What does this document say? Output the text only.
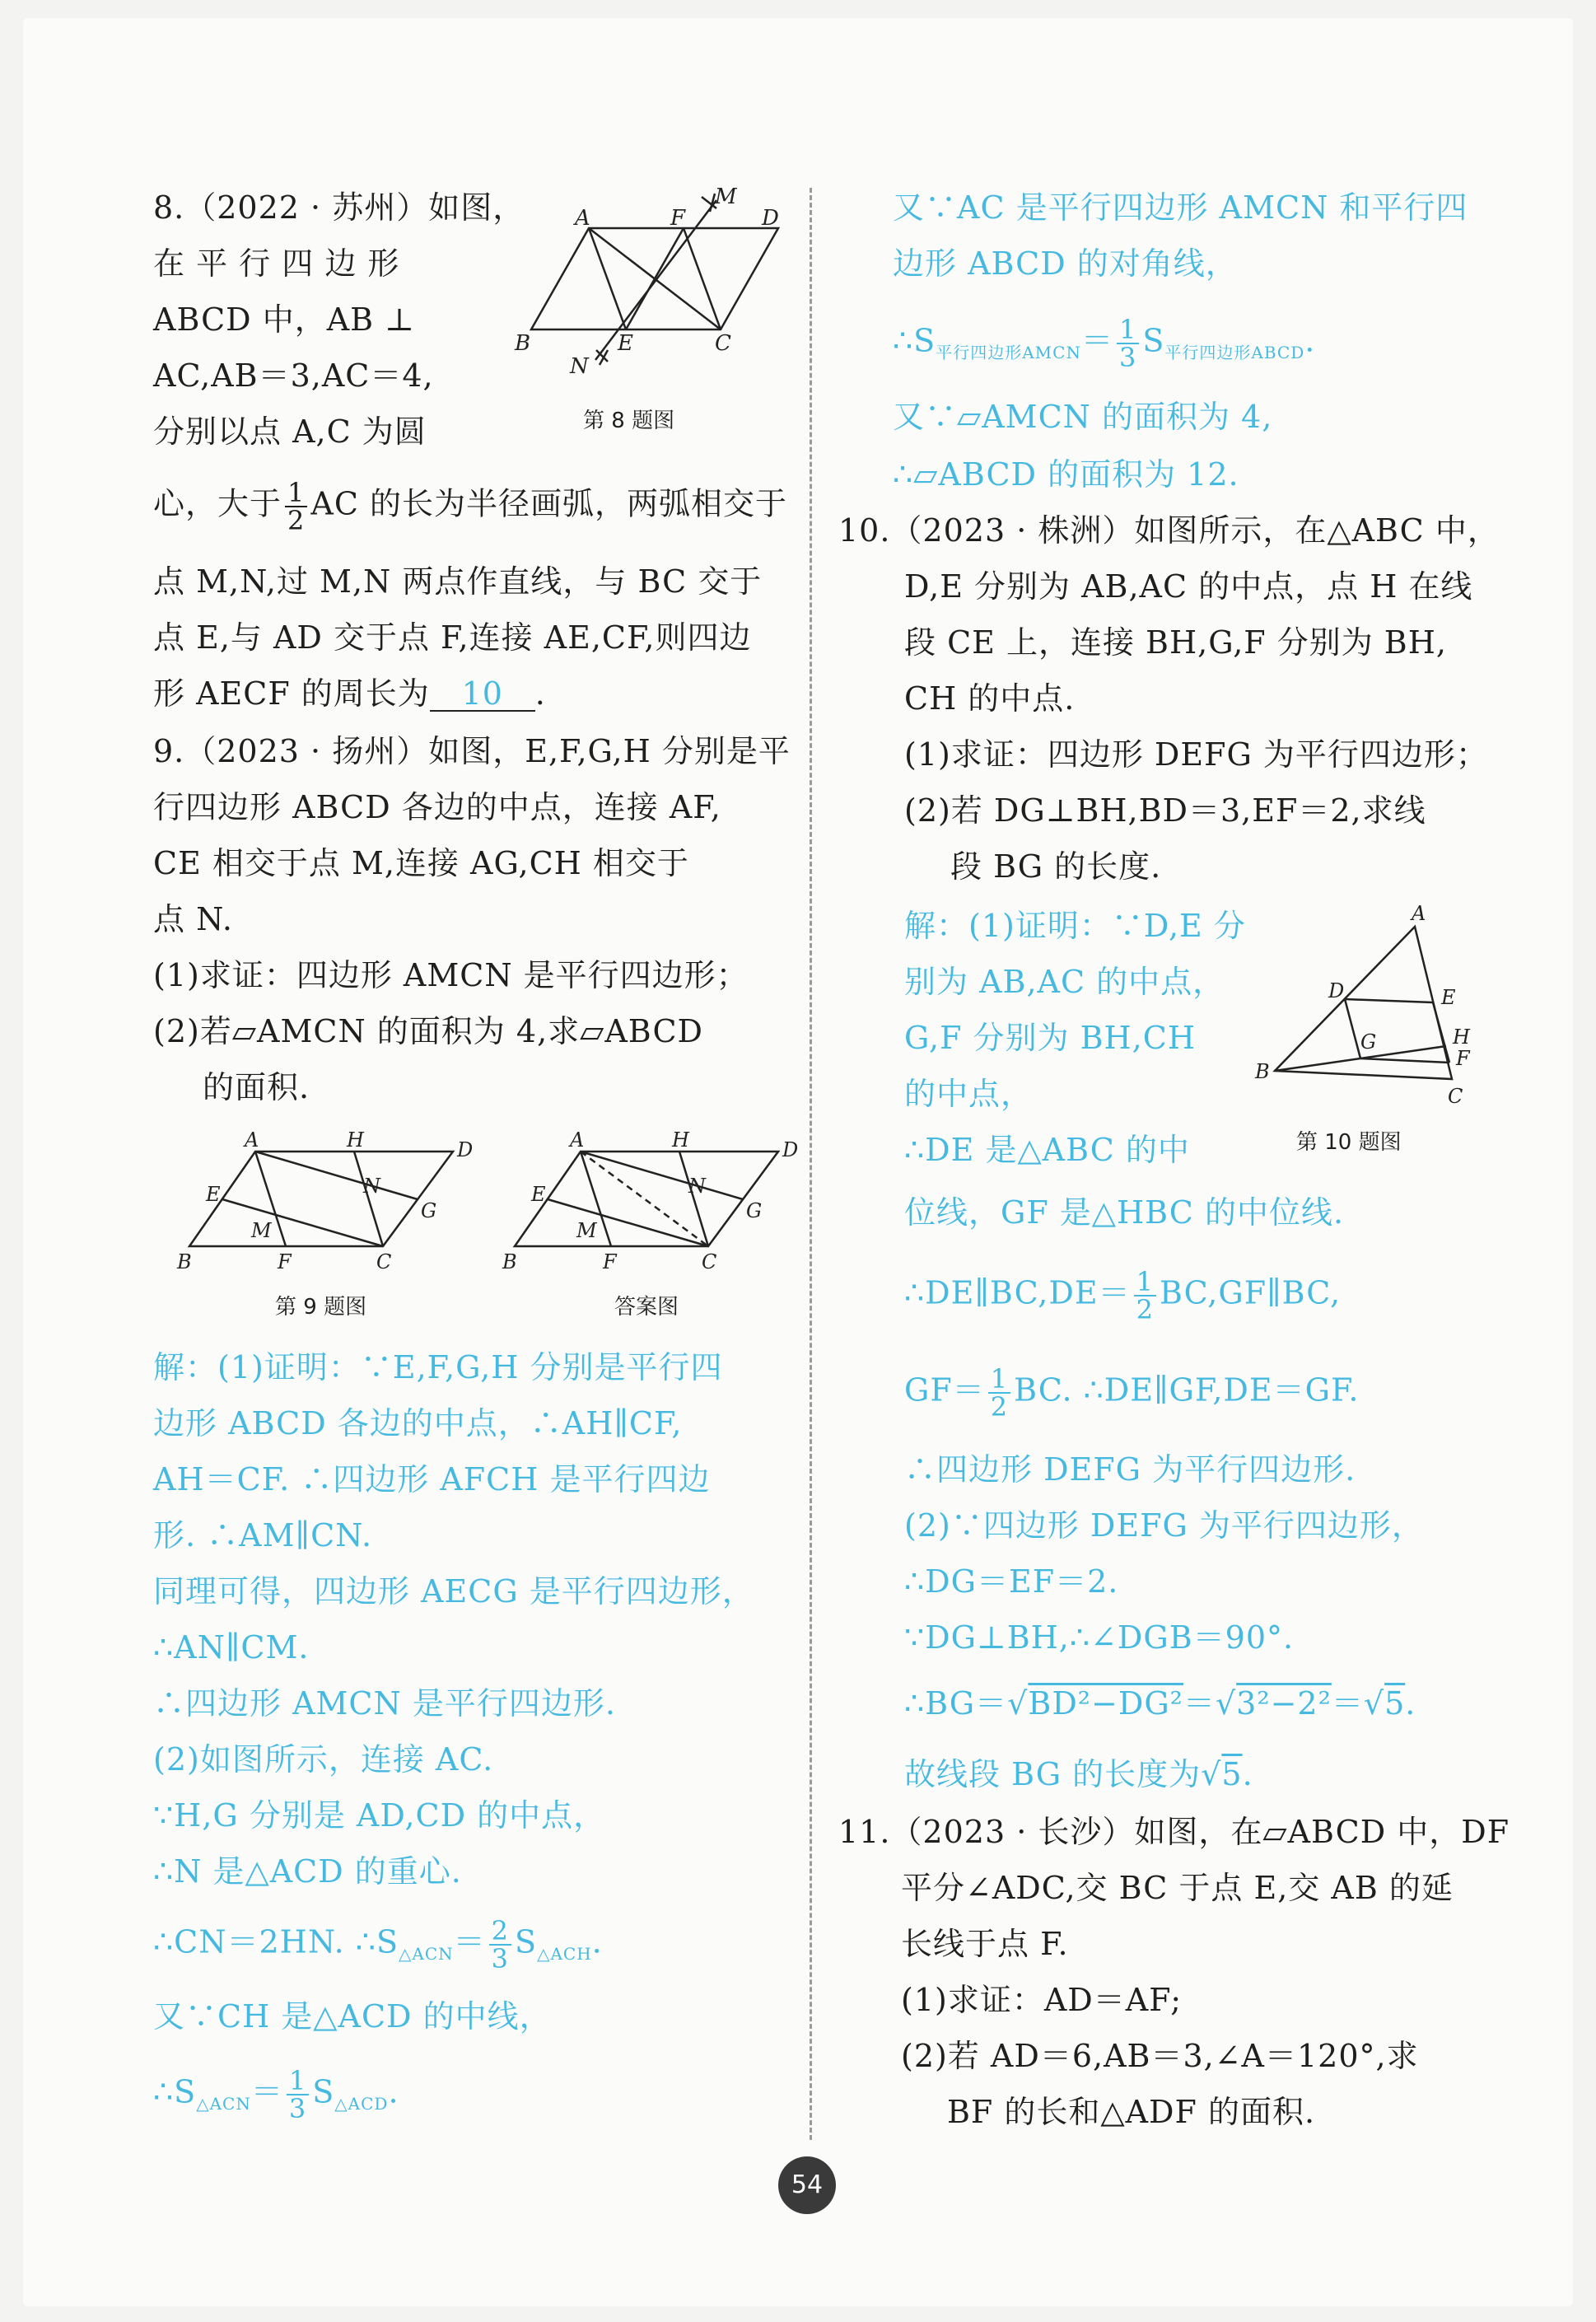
8.（2022 · 苏州）如图，
在 平 行 四 边 形
ABCD 中，AB ⊥
AC,AB＝3,AC＝4,
分别以点 A,C 为圆
心，大于 $\frac{1}{2}$ AC 的长为半径画弧，两弧相交于
点 M,N,过 M,N 两点作直线，与 BC 交于
点 E,与 AD 交于点 F,连接 AE,CF,则四边
形 AECF 的周长为 10 .
9.（2023 · 扬州）如图，E,F,G,H 分别是平
行四边形 ABCD 各边的中点，连接 AF,
CE 相交于点 M,连接 AG,CH 相交于
点 N.
(1)求证：四边形 AMCN 是平行四边形；
(2)若▱AMCN 的面积为 4,求▱ABCD
的面积.
第 9 题图	答案图
解：(1)证明：∵E,F,G,H 分别是平行四
边形 ABCD 各边的中点，∴AH∥CF,
AH＝CF. ∴四边形 AFCH 是平行四边
形. ∴AM∥CN.
同理可得，四边形 AECG 是平行四边形，
∴AN∥CM.
∴四边形 AMCN 是平行四边形.
(2)如图所示，连接 AC.
∵H,G 分别是 AD,CD 的中点，
∴N 是△ACD 的重心.
∴CN＝2HN. $\therefore S_{\triangle ACN}= \frac{2}{3} S_{\triangle ACH}$.
又∵CH 是△ACD 的中线，
$\therefore S_{\triangle ACN}= \frac{1}{3} S_{\triangle ACD}$.
A	F
M
D
B	E
N
C
第 8 题图
A	H	D
E	N
G
M
B	F	C
A	H	D
E	N
G
M
B	F	C
又∵AC 是平行四边形 AMCN 和平行四
边形 ABCD 的对角线，
$\therefore S_{平行四边形AMCN}= \frac{1}{3} S_{平行四边形ABCD}$.
又∵▱AMCN 的面积为 4,
∴▱ABCD 的面积为 12.
10.（2023 · 株洲）如图所示，在△ABC 中，
D,E 分别为 AB,AC 的中点，点 H 在线
段 CE 上，连接 BH,G,F 分别为 BH,
CH 的中点.
(1)求证：四边形 DEFG 为平行四边形；
(2)若 DG⊥BH,BD＝3,EF＝2,求线
段 BG 的长度.
解：(1)证明：∵D,E 分
别为 AB,AC 的中点，
G,F 分别为 BH,CH
的中点，
∴DE 是△ABC 的中
位线，GF 是△HBC 的中位线.
∴DE∥BC,DE＝ $\frac{1}{2}$ BC,GF∥BC,
$GF= \frac{1}{2}$ BC. ∴DE∥GF,DE＝GF.
∴四边形 DEFG 为平行四边形.
(2)∵四边形 DEFG 为平行四边形，
∴DG＝EF＝2.
∵DG⊥BH,∴∠DGB＝90°.
∴BG＝√BD²−DG²＝√3²−2²＝√5.
故线段 BG 的长度为√5.
11.（2023 · 长沙）如图，在▱ABCD 中，DF
平分∠ADC,交 BC 于点 E,交 AB 的延
长线于点 F.
(1)求证：AD＝AF;
(2)若 AD＝6,AB＝3,∠A＝120°,求
BF 的长和△ADF 的面积.
A
D	E
H
G
F
B
C
第 10 题图
54
